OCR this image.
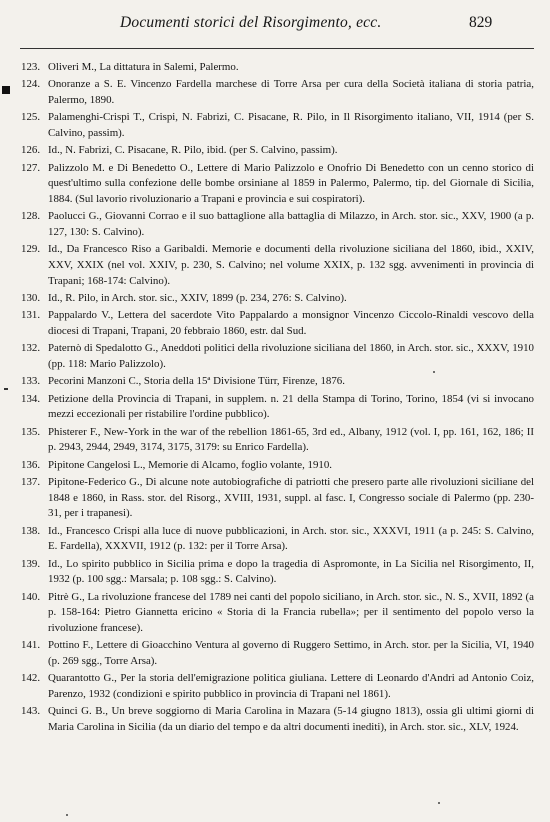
Documenti storici del Risorgimento, ecc.	829
123. Oliveri M., La dittatura in Salemi, Palermo.
124. Onoranze a S. E. Vincenzo Fardella marchese di Torre Arsa per cura della Società italiana di storia patria, Palermo, 1890.
125. Palamenghi-Crispi T., Crispi, N. Fabrizi, C. Pisacane, R. Pilo, in Il Risorgimento italiano, VII, 1914 (per S. Calvino, passim).
126. Id., N. Fabrizi, C. Pisacane, R. Pilo, ibid. (per S. Calvino, passim).
127. Palizzolo M. e Di Benedetto O., Lettere di Mario Palizzolo e Onofrio Di Benedetto con un cenno storico di quest'ultimo sulla confezione delle bombe orsiniane al 1859 in Palermo, Palermo, tip. del Giornale di Sicilia, 1884. (Sul lavorio rivoluzionario a Trapani e provincia e sui cospiratori).
128. Paolucci G., Giovanni Corrao e il suo battaglione alla battaglia di Milazzo, in Arch. stor. sic., XXV, 1900 (a p. 127, 130: S. Calvino).
129. Id., Da Francesco Riso a Garibaldi. Memorie e documenti della rivoluzione siciliana del 1860, ibid., XXIV, XXV, XXIX (nel vol. XXIV, p. 230, S. Calvino; nel volume XXIX, p. 132 sgg. avvenimenti in provincia di Trapani; 168-174: Calvino).
130. Id., R. Pilo, in Arch. stor. sic., XXIV, 1899 (p. 234, 276: S. Calvino).
131. Pappalardo V., Lettera del sacerdote Vito Pappalardo a monsignor Vincenzo Ciccolo-Rinaldi vescovo della diocesi di Trapani, Trapani, 20 febbraio 1860, estr. dal Sud.
132. Paternò di Spedalotto G., Aneddoti politici della rivoluzione siciliana del 1860, in Arch. stor. sic., XXXV, 1910 (pp. 118: Mario Palizzolo).
133. Pecorini Manzoni C., Storia della 15ª Divisione Türr, Firenze, 1876.
134. Petizione della Provincia di Trapani, in supplem. n. 21 della Stampa di Torino, Torino, 1854 (vi si invocano mezzi eccezionali per ristabilire l'ordine pubblico).
135. Phisterer F., New-York in the war of the rebellion 1861-65, 3rd ed., Albany, 1912 (vol. I, pp. 161, 162, 186; II p. 2943, 2944, 2949, 3174, 3175, 3179: su Enrico Fardella).
136. Pipitone Cangelosi L., Memorie di Alcamo, foglio volante, 1910.
137. Pipitone-Federico G., Di alcune note autobiografiche di patriotti che presero parte alle rivoluzioni siciliane del 1848 e 1860, in Rass. stor. del Risorg., XVIII, 1931, suppl. al fasc. I, Congresso sociale di Palermo (pp. 230-31, per i trapanesi).
138. Id., Francesco Crispi alla luce di nuove pubblicazioni, in Arch. stor. sic., XXXVI, 1911 (a p. 245: S. Calvino, E. Fardella), XXXVII, 1912 (p. 132: per il Torre Arsa).
139. Id., Lo spirito pubblico in Sicilia prima e dopo la tragedia di Aspromonte, in La Sicilia nel Risorgimento, II, 1932 (p. 100 sgg.: Marsala; p. 108 sgg.: S. Calvino).
140. Pitrè G., La rivoluzione francese del 1789 nei canti del popolo siciliano, in Arch. stor. sic., N. S., XVII, 1892 (a p. 158-164: Pietro Giannetta ericino « Storia di la Francia rubella»; per il sentimento del popolo verso la rivoluzione francese).
141. Pottino F., Lettere di Gioacchino Ventura al governo di Ruggero Settimo, in Arch. stor. per la Sicilia, VI, 1940 (p. 269 sgg., Torre Arsa).
142. Quarantotto G., Per la storia dell'emigrazione politica giuliana. Lettere di Leonardo d'Andri ad Antonio Coiz, Parenzo, 1932 (condizioni e spirito pubblico in provincia di Trapani nel 1861).
143. Quinci G. B., Un breve soggiorno di Maria Carolina in Mazara (5-14 giugno 1813), ossia gli ultimi giorni di Maria Carolina in Sicilia (da un diario del tempo e da altri documenti inediti), in Arch. stor. sic., XLV, 1924.
